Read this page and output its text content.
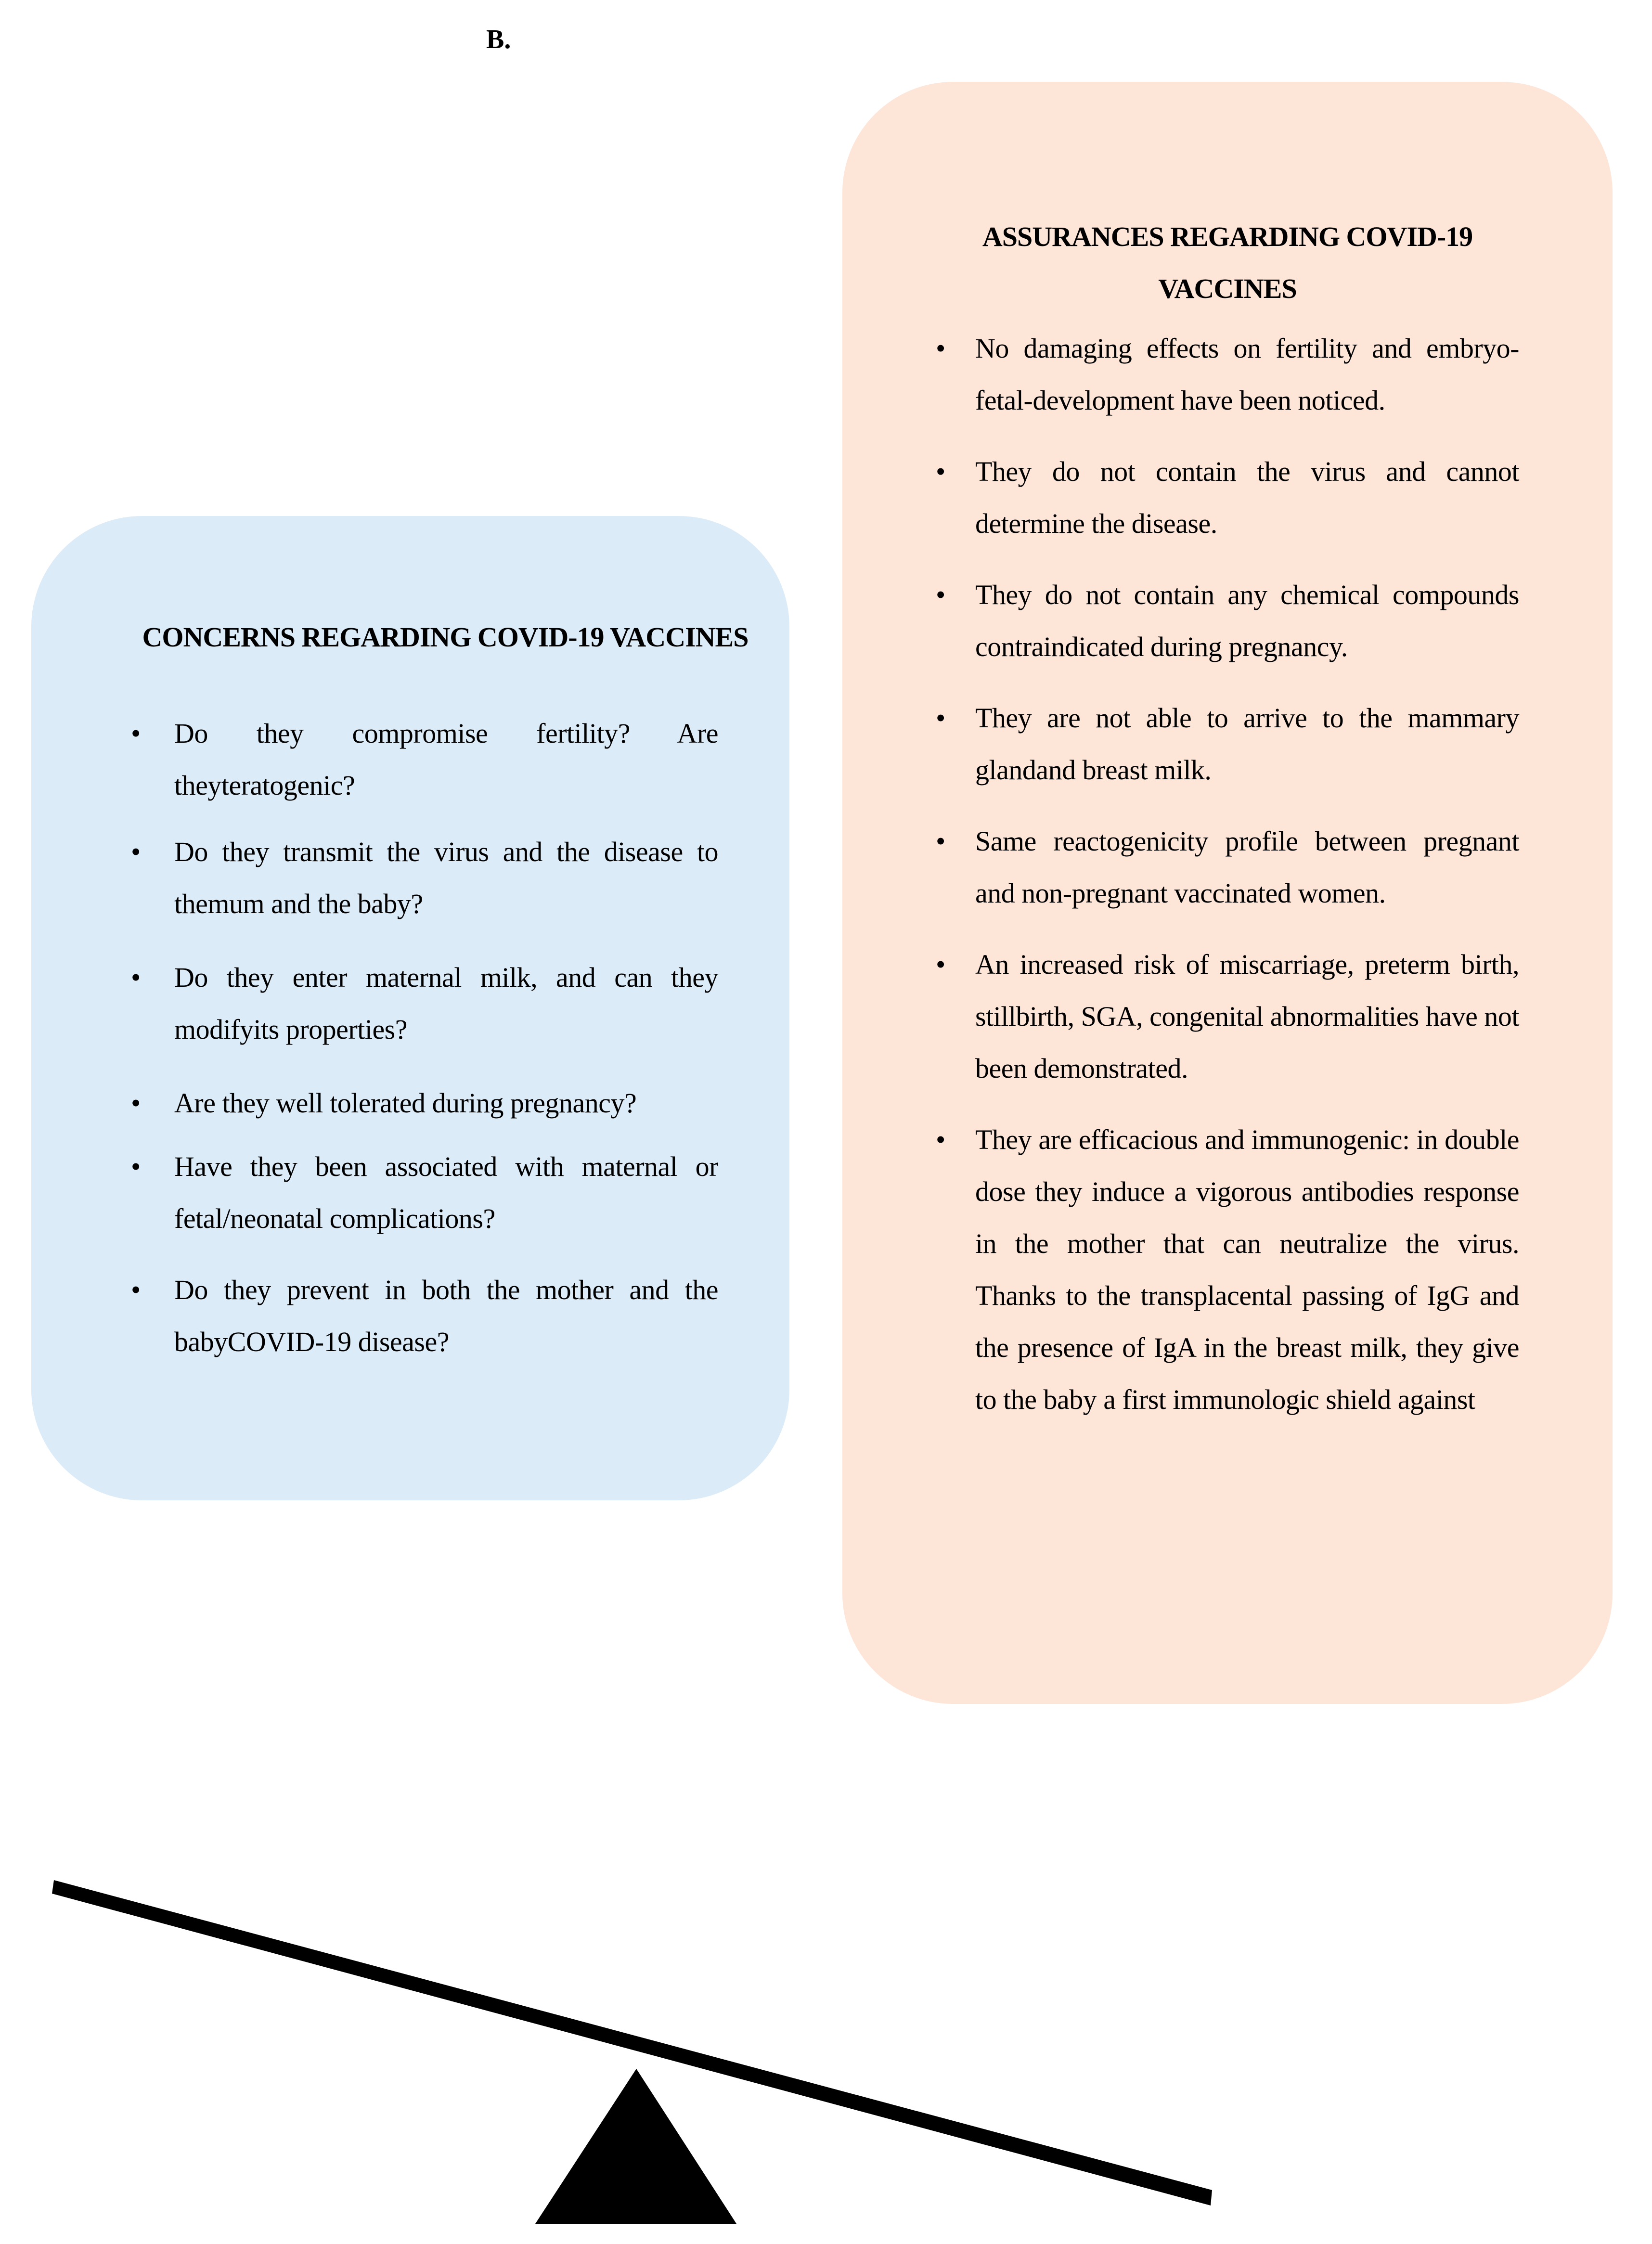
B.
CONCERNS REGARDING COVID-19 VACCINES
• Do they compromise fertility? Are theyteratogenic?
• Do they transmit the virus and the disease to themum and the baby?
• Do they enter maternal milk, and can they modifyits properties?
• Are they well tolerated during pregnancy?
• Have they been associated with maternal or fetal/neonatal complications?
• Do they prevent in both the mother and the babyCOVID-19 disease?
ASSURANCES REGARDING COVID-19 VACCINES
• No damaging effects on fertility and embryo-fetal-development have been noticed.
• They do not contain the virus and cannot determine the disease.
• They do not contain any chemical compounds contraindicated during pregnancy.
• They are not able to arrive to the mammary glandand breast milk.
• Same reactogenicity profile between pregnant and non-pregnant vaccinated women.
• An increased risk of miscarriage, preterm birth, stillbirth, SGA, congenital abnormalities have not been demonstrated.
• They are efficacious and immunogenic: in double dose they induce a vigorous antibodies response in the mother that can neutralize the virus. Thanks to the transplacental passing of IgG and the presence of IgA in the breast milk, they give to the baby a first immunologic shield against
